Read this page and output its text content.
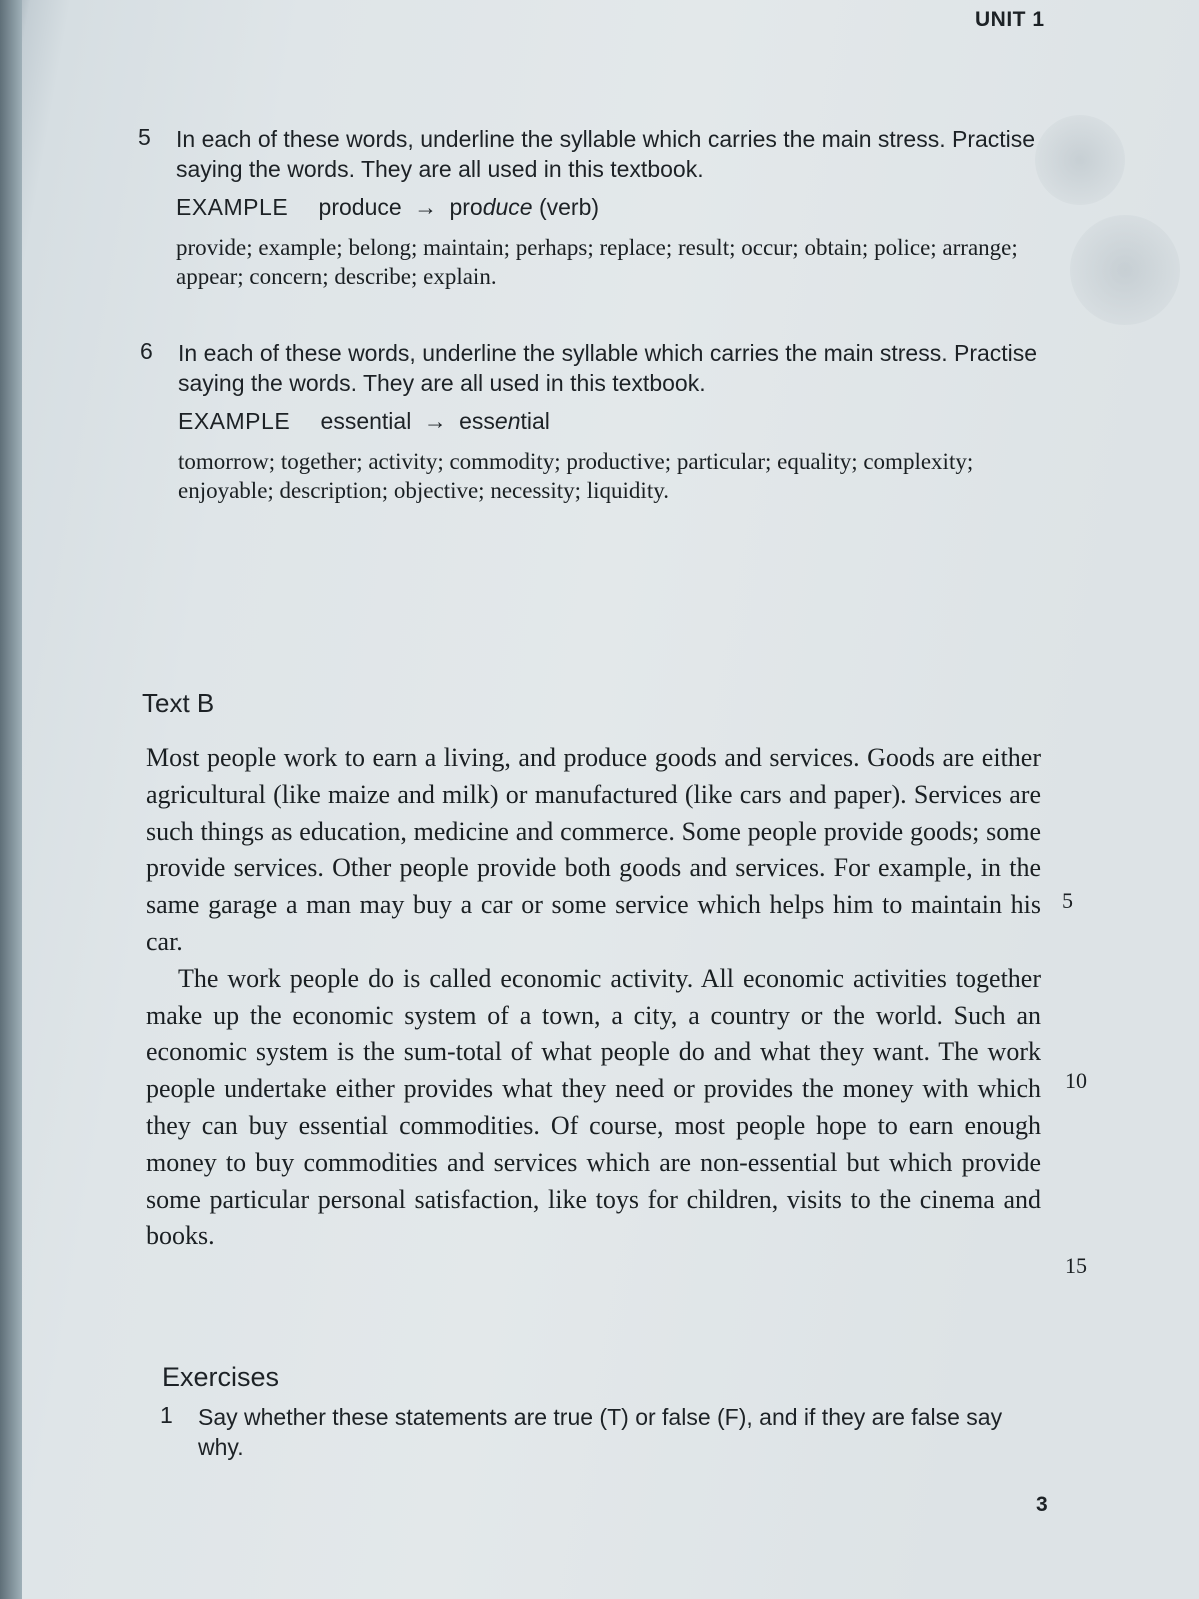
UNIT 1
5 In each of these words, underline the syllable which carries the main stress. Practise saying the words. They are all used in this textbook.

EXAMPLE produce → produce (verb)

provide; example; belong; maintain; perhaps; replace; result; occur; obtain; police; arrange; appear; concern; describe; explain.

6 In each of these words, underline the syllable which carries the main stress. Practise saying the words. They are all used in this textbook.

EXAMPLE essential → essential

tomorrow; together; activity; commodity; productive; particular; equality; complexity; enjoyable; description; objective; necessity; liquidity.

Text B

Most people work to earn a living, and produce goods and services. Goods are either agricultural (like maize and milk) or manufactured (like cars and paper). Services are such things as education, medicine and commerce. Some people provide goods; some provide services. Other people provide both goods and services. For example, in the same garage a man may buy a car or some service which helps him to maintain his car.

The work people do is called economic activity. All economic activities together make up the economic system of a town, a city, a country or the world. Such an economic system is the sum-total of what people do and what they want. The work people undertake either provides what they need or provides the money with which they can buy essential commodities. Of course, most people hope to earn enough money to buy commodities and services which are non-essential but which provide some particular personal satisfaction, like toys for children, visits to the cinema and books.

5
10
15
Exercises
1 Say whether these statements are true (T) or false (F), and if they are false say why.

3
